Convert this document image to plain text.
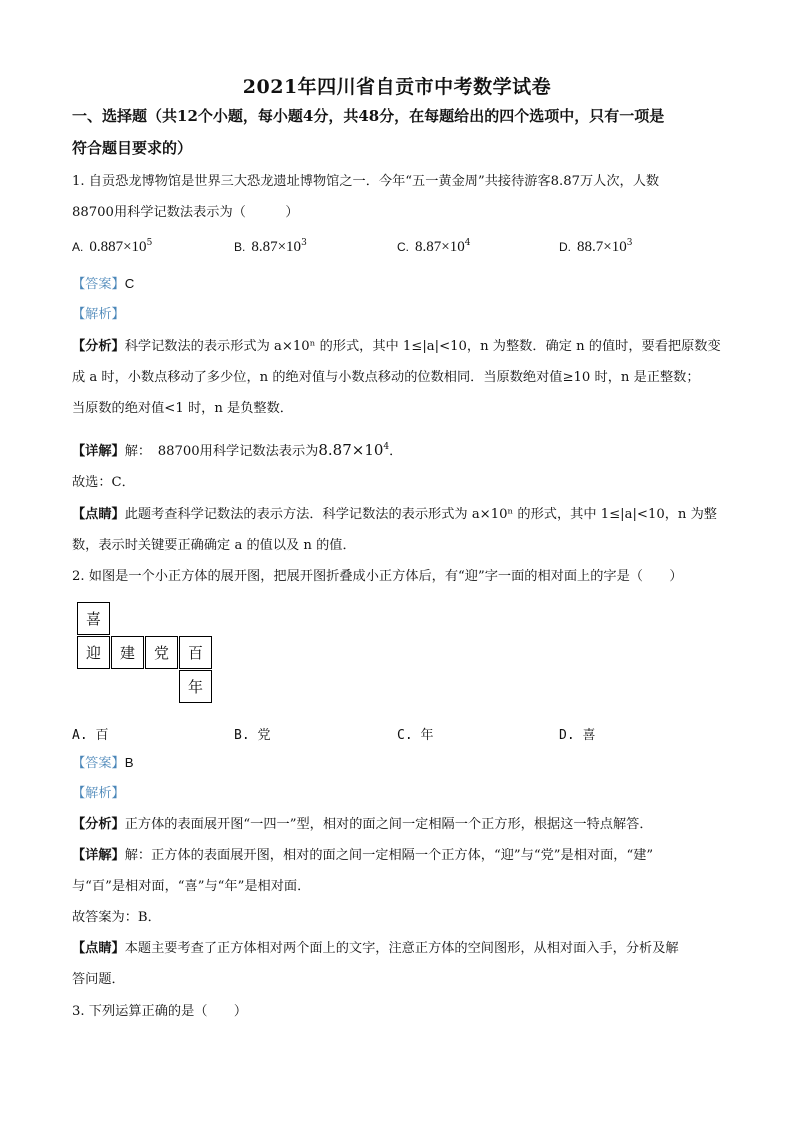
2021年四川省自贡市中考数学试卷
一、选择题（共12个小题，每小题4分，共48分，在每题给出的四个选项中，只有一项是
符合题目要求的）
1. 自贡恐龙博物馆是世界三大恐龙遗址博物馆之一．今年“五一黄金周”共接待游客8.87万人次，人数
88700用科学记数法表示为（　　　）
A. $0.887\times 10^5$	B. $8.87\times 10^3$	C. $8.87\times 10^4$	D. $88.7\times 10^3$
【答案】C
【解析】
【分析】科学记数法的表示形式为 a×10ⁿ 的形式，其中 1≤|a|<10，n 为整数．确定 n 的值时，要看把原数变
成 a 时，小数点移动了多少位，n 的绝对值与小数点移动的位数相同．当原数绝对值≥10 时，n 是正整数；
当原数的绝对值<1 时，n 是负整数．
【详解】解：　88700用科学记数法表示为$8.87\times 10^4$．
故选：C．
【点睛】此题考查科学记数法的表示方法．科学记数法的表示形式为 a×10ⁿ 的形式，其中 1≤|a|<10，n 为整
数，表示时关键要正确确定 a 的值以及 n 的值．
2. 如图是一个小正方体的展开图，把展开图折叠成小正方体后，有“迎”字一面的相对面上的字是（　　）
喜
迎	建	党	百
年
A. 百	B. 党	C. 年	D. 喜
【答案】B
【解析】
【分析】正方体的表面展开图“一四一”型，相对的面之间一定相隔一个正方形，根据这一特点解答．
【详解】解：正方体的表面展开图，相对的面之间一定相隔一个正方体，“迎”与“党”是相对面，“建”
与“百”是相对面，“喜”与“年”是相对面．
故答案为：B．
【点睛】本题主要考查了正方体相对两个面上的文字，注意正方体的空间图形，从相对面入手，分析及解
答问题．
3. 下列运算正确的是（　　）
